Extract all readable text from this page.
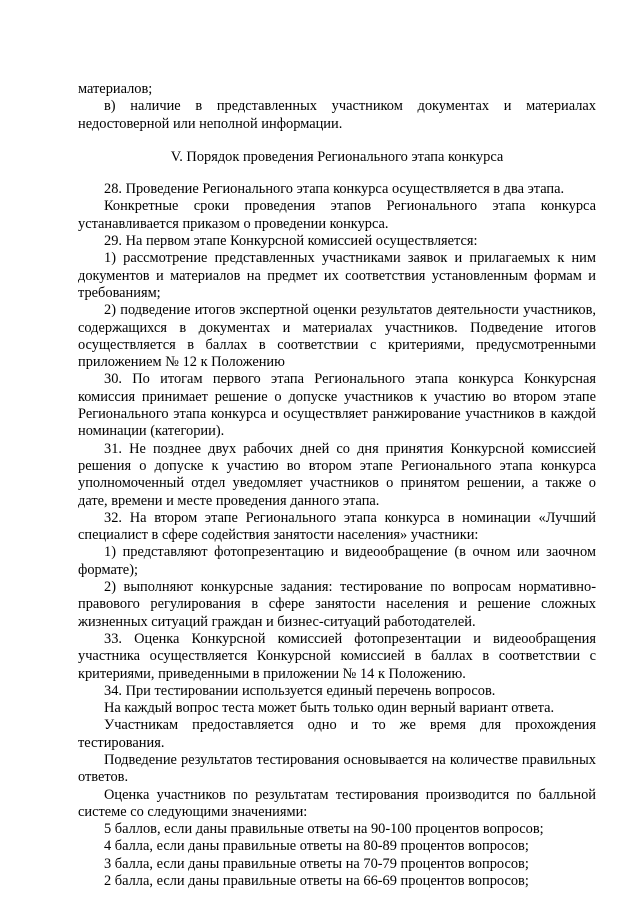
материалов;

в) наличие в представленных участником документах и материалах недостоверной или неполной информации.

V. Порядок проведения Регионального этапа конкурса

28. Проведение Регионального этапа конкурса осуществляется в два этапа.

Конкретные сроки проведения этапов Регионального этапа конкурса устанавливается приказом о проведении конкурса.

29. На первом этапе Конкурсной комиссией осуществляется:

1) рассмотрение представленных участниками заявок и прилагаемых к ним документов и материалов на предмет их соответствия установленным формам и требованиям;

2) подведение итогов экспертной оценки результатов деятельности участников, содержащихся в документах и материалах участников. Подведение итогов осуществляется в баллах в соответствии с критериями, предусмотренными приложением № 12 к Положению

30. По итогам первого этапа Регионального этапа конкурса Конкурсная комиссия принимает решение о допуске участников к участию во втором этапе Регионального этапа конкурса и осуществляет ранжирование участников в каждой номинации (категории).

31. Не позднее двух рабочих дней со дня принятия Конкурсной комиссией решения о допуске к участию во втором этапе Регионального этапа конкурса уполномоченный отдел уведомляет участников о принятом решении, а также о дате, времени и месте проведения данного этапа.

32. На втором этапе Регионального этапа конкурса в номинации «Лучший специалист в сфере содействия занятости населения» участники:

1) представляют фотопрезентацию и видеообращение (в очном или заочном формате);

2) выполняют конкурсные задания: тестирование по вопросам нормативно-правового регулирования в сфере занятости населения и решение сложных жизненных ситуаций граждан и бизнес-ситуаций работодателей.

33. Оценка Конкурсной комиссией фотопрезентации и видеообращения участника осуществляется Конкурсной комиссией в баллах в соответствии с критериями, приведенными в приложении № 14 к Положению.

34. При тестировании используется единый перечень вопросов.

На каждый вопрос теста может быть только один верный вариант ответа.

Участникам предоставляется одно и то же время для прохождения тестирования.

Подведение результатов тестирования основывается на количестве правильных ответов.

Оценка участников по результатам тестирования производится по балльной системе со следующими значениями:

5 баллов, если даны правильные ответы на 90-100 процентов вопросов;

4 балла, если даны правильные ответы на 80-89 процентов вопросов;

3 балла, если даны правильные ответы на 70-79 процентов вопросов;

2 балла, если даны правильные ответы на 66-69 процентов вопросов;
